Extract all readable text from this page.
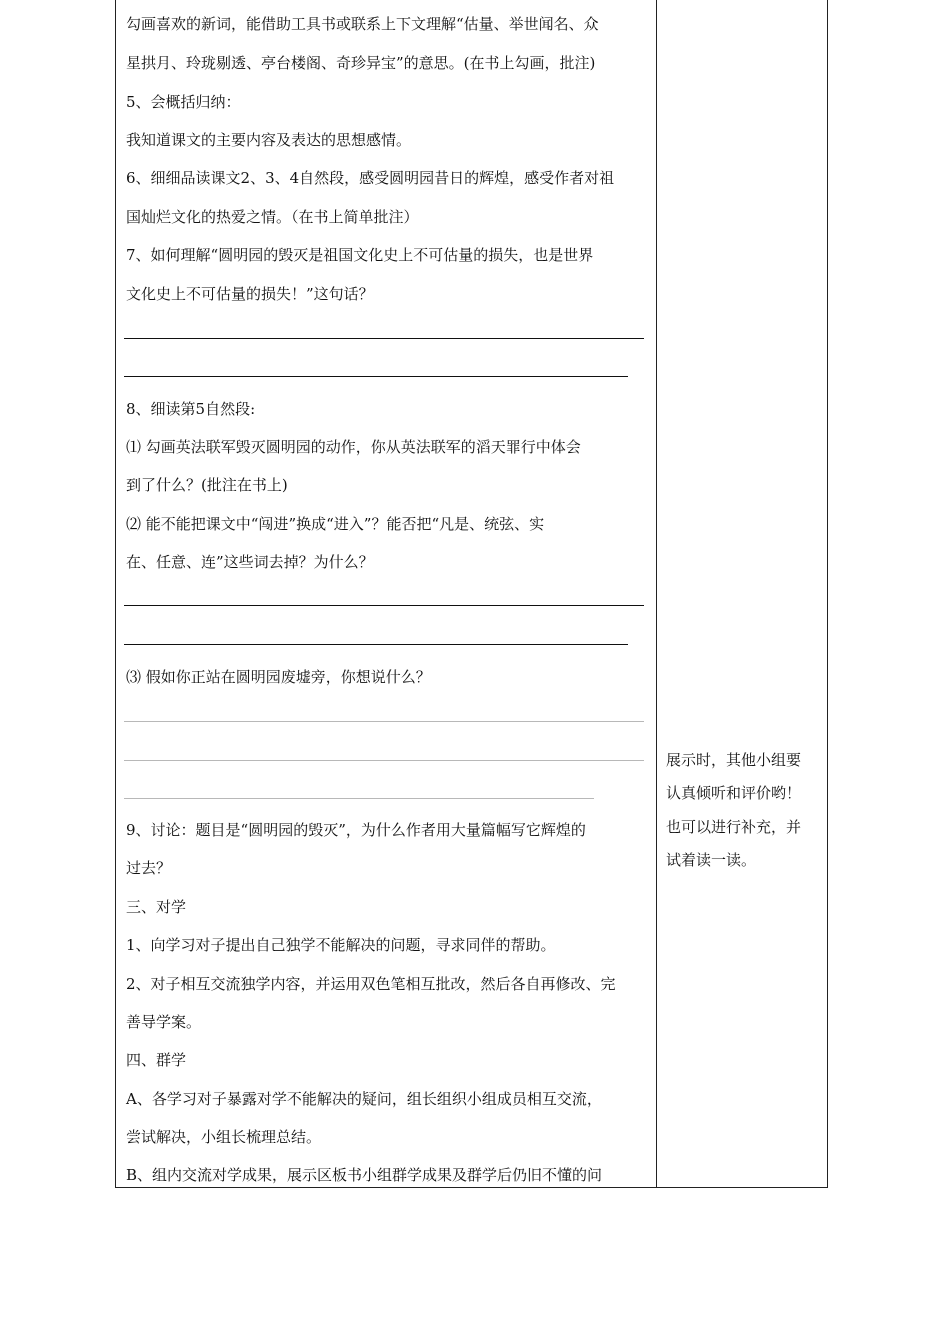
勾画喜欢的新词，能借助工具书或联系上下文理解“估量、举世闻名、众
星拱月、玲珑剔透、亭台楼阁、奇珍异宝”的意思。(在书上勾画，批注)
5、会概括归纳：
我知道课文的主要内容及表达的思想感情。
6、细细品读课文2、3、4自然段，感受圆明园昔日的辉煌，感受作者对祖
国灿烂文化的热爱之情。（在书上简单批注）
7、如何理解“圆明园的毁灭是祖国文化史上不可估量的损失，也是世界
文化史上不可估量的损失！”这句话？
8、细读第5自然段:
⑴ 勾画英法联军毁灭圆明园的动作，你从英法联军的滔天罪行中体会
到了什么？(批注在书上)
⑵ 能不能把课文中“闯进”换成“进入”？能否把“凡是、统弦、实
在、任意、连”这些词去掉？为什么？
⑶ 假如你正站在圆明园废墟旁，你想说什么？
9、讨论：题目是“圆明园的毁灭”，为什么作者用大量篇幅写它辉煌的
过去？
三、对学
1、向学习对子提出自己独学不能解决的问题，寻求同伴的帮助。
2、对子相互交流独学内容，并运用双色笔相互批改，然后各自再修改、完
善导学案。
四、群学
A、各学习对子暴露对学不能解决的疑问，组长组织小组成员相互交流，
尝试解决，小组长梳理总结。
B、组内交流对学成果，展示区板书小组群学成果及群学后仍旧不懂的问
展示时，其他小组要
认真倾听和评价哟！
也可以进行补充，并
试着读一读。
